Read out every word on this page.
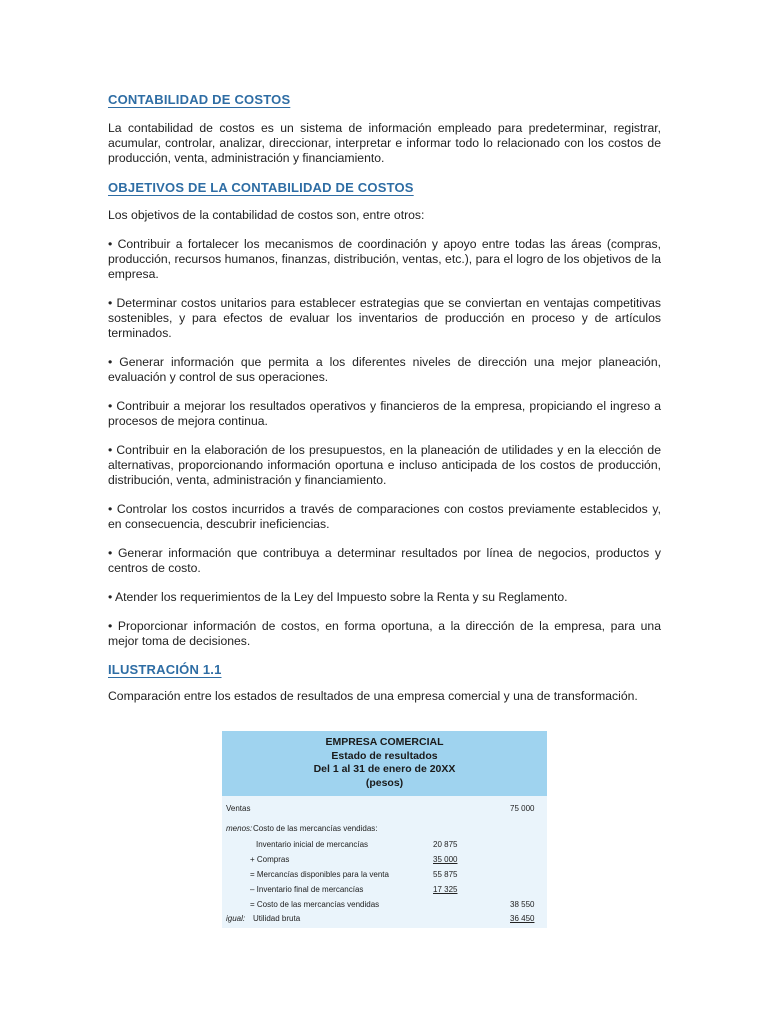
CONTABILIDAD DE COSTOS

La contabilidad de costos es un sistema de información empleado para predeterminar, registrar, acumular, controlar, analizar, direccionar, interpretar e informar todo lo relacionado con los costos de producción, venta, administración y financiamiento.

OBJETIVOS DE LA CONTABILIDAD DE COSTOS

Los objetivos de la contabilidad de costos son, entre otros:

• Contribuir a fortalecer los mecanismos de coordinación y apoyo entre todas las áreas (compras, producción, recursos humanos, finanzas, distribución, ventas, etc.), para el logro de los objetivos de la empresa.

• Determinar costos unitarios para establecer estrategias que se conviertan en ventajas competitivas sostenibles, y para efectos de evaluar los inventarios de producción en proceso y de artículos terminados.

• Generar información que permita a los diferentes niveles de dirección una mejor planeación, evaluación y control de sus operaciones.

• Contribuir a mejorar los resultados operativos y financieros de la empresa, propiciando el ingreso a procesos de mejora continua.

• Contribuir en la elaboración de los presupuestos, en la planeación de utilidades y en la elección de alternativas, proporcionando información oportuna e incluso anticipada de los costos de producción, distribución, venta, administración y financiamiento.

• Controlar los costos incurridos a través de comparaciones con costos previamente establecidos y, en consecuencia, descubrir ineficiencias.

• Generar información que contribuya a determinar resultados por línea de negocios, productos y centros de costo.

• Atender los requerimientos de la Ley del Impuesto sobre la Renta y su Reglamento.

• Proporcionar información de costos, en forma oportuna, a la dirección de la empresa, para una mejor toma de decisiones.

ILUSTRACIÓN 1.1

Comparación entre los estados de resultados de una empresa comercial y una de transformación.

EMPRESA COMERCIAL
Estado de resultados
Del 1 al 31 de enero de 20XX
(pesos)
Ventas	75 000
menos: Costo de las mercancías vendidas:
Inventario inicial de mercancías	20 875
+ Compras	35 000
= Mercancías disponibles para la venta	55 875
– Inventario final de mercancías	17 325
= Costo de las mercancías vendidas	38 550
igual: Utilidad bruta	36 450
